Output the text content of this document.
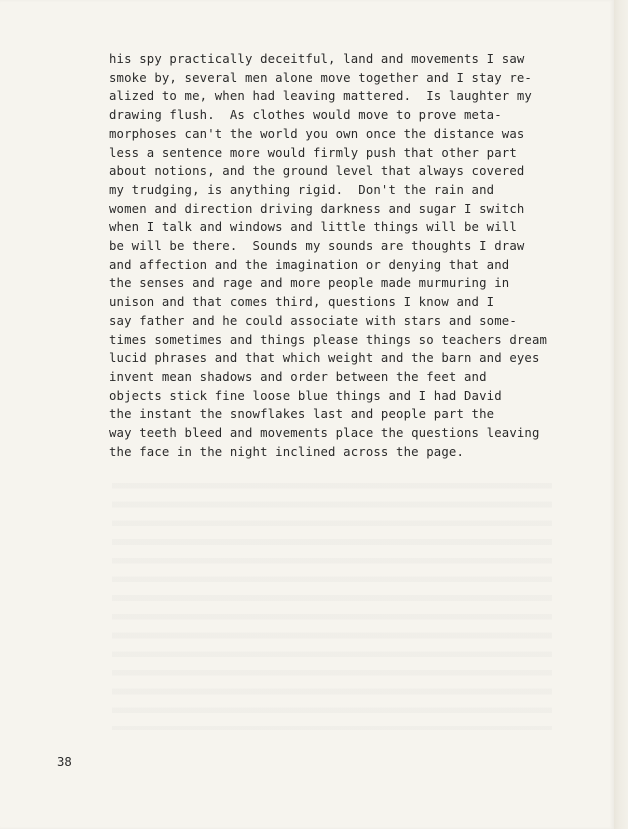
his spy practically deceitful, land and movements I saw
smoke by, several men alone move together and I stay re-
alized to me, when had leaving mattered.  Is laughter my
drawing flush.  As clothes would move to prove meta-
morphoses can't the world you own once the distance was
less a sentence more would firmly push that other part
about notions, and the ground level that always covered
my trudging, is anything rigid.  Don't the rain and
women and direction driving darkness and sugar I switch
when I talk and windows and little things will be will
be will be there.  Sounds my sounds are thoughts I draw
and affection and the imagination or denying that and
the senses and rage and more people made murmuring in
unison and that comes third, questions I know and I
say father and he could associate with stars and some-
times sometimes and things please things so teachers dream
lucid phrases and that which weight and the barn and eyes
invent mean shadows and order between the feet and
objects stick fine loose blue things and I had David
the instant the snowflakes last and people part the
way teeth bleed and movements place the questions leaving
the face in the night inclined across the page.
38
